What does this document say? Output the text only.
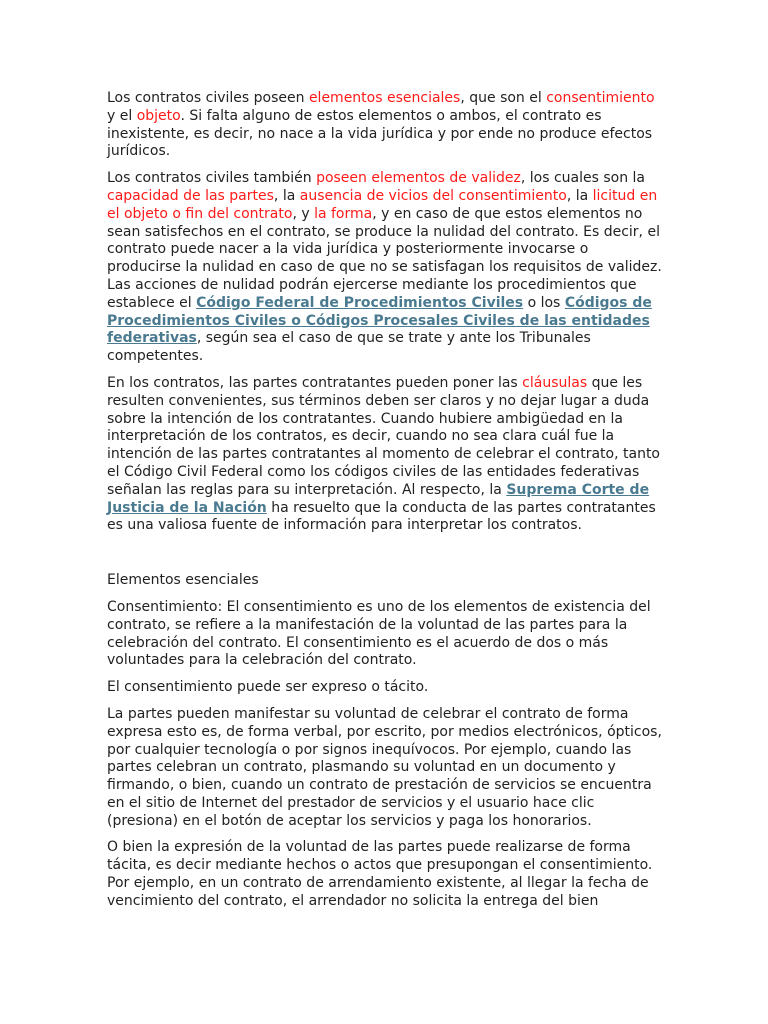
Los contratos civiles poseen elementos esenciales, que son el consentimiento y el objeto. Si falta alguno de estos elementos o ambos, el contrato es inexistente, es decir, no nace a la vida jurídica y por ende no produce efectos jurídicos.

Los contratos civiles también poseen elementos de validez, los cuales son la capacidad de las partes, la ausencia de vicios del consentimiento, la licitud en el objeto o fin del contrato, y la forma, y en caso de que estos elementos no sean satisfechos en el contrato, se produce la nulidad del contrato. Es decir, el contrato puede nacer a la vida jurídica y posteriormente invocarse o producirse la nulidad en caso de que no se satisfagan los requisitos de validez. Las acciones de nulidad podrán ejercerse mediante los procedimientos que establece el Código Federal de Procedimientos Civiles o los Códigos de Procedimientos Civiles o Códigos Procesales Civiles de las entidades federativas, según sea el caso de que se trate y ante los Tribunales competentes.

En los contratos, las partes contratantes pueden poner las cláusulas que les resulten convenientes, sus términos deben ser claros y no dejar lugar a duda sobre la intención de los contratantes. Cuando hubiere ambigüedad en la interpretación de los contratos, es decir, cuando no sea clara cuál fue la intención de las partes contratantes al momento de celebrar el contrato, tanto el Código Civil Federal como los códigos civiles de las entidades federativas señalan las reglas para su interpretación. Al respecto, la Suprema Corte de Justicia de la Nación ha resuelto que la conducta de las partes contratantes es una valiosa fuente de información para interpretar los contratos.

Elementos esenciales

Consentimiento: El consentimiento es uno de los elementos de existencia del contrato, se refiere a la manifestación de la voluntad de las partes para la celebración del contrato. El consentimiento es el acuerdo de dos o más voluntades para la celebración del contrato.

El consentimiento puede ser expreso o tácito.

La partes pueden manifestar su voluntad de celebrar el contrato de forma expresa esto es, de forma verbal, por escrito, por medios electrónicos, ópticos, por cualquier tecnología o por signos inequívocos. Por ejemplo, cuando las partes celebran un contrato, plasmando su voluntad en un documento y firmando, o bien, cuando un contrato de prestación de servicios se encuentra en el sitio de Internet del prestador de servicios y el usuario hace clic (presiona) en el botón de aceptar los servicios y paga los honorarios.

O bien la expresión de la voluntad de las partes puede realizarse de forma tácita, es decir mediante hechos o actos que presupongan el consentimiento. Por ejemplo, en un contrato de arrendamiento existente, al llegar la fecha de vencimiento del contrato, el arrendador no solicita la entrega del bien
